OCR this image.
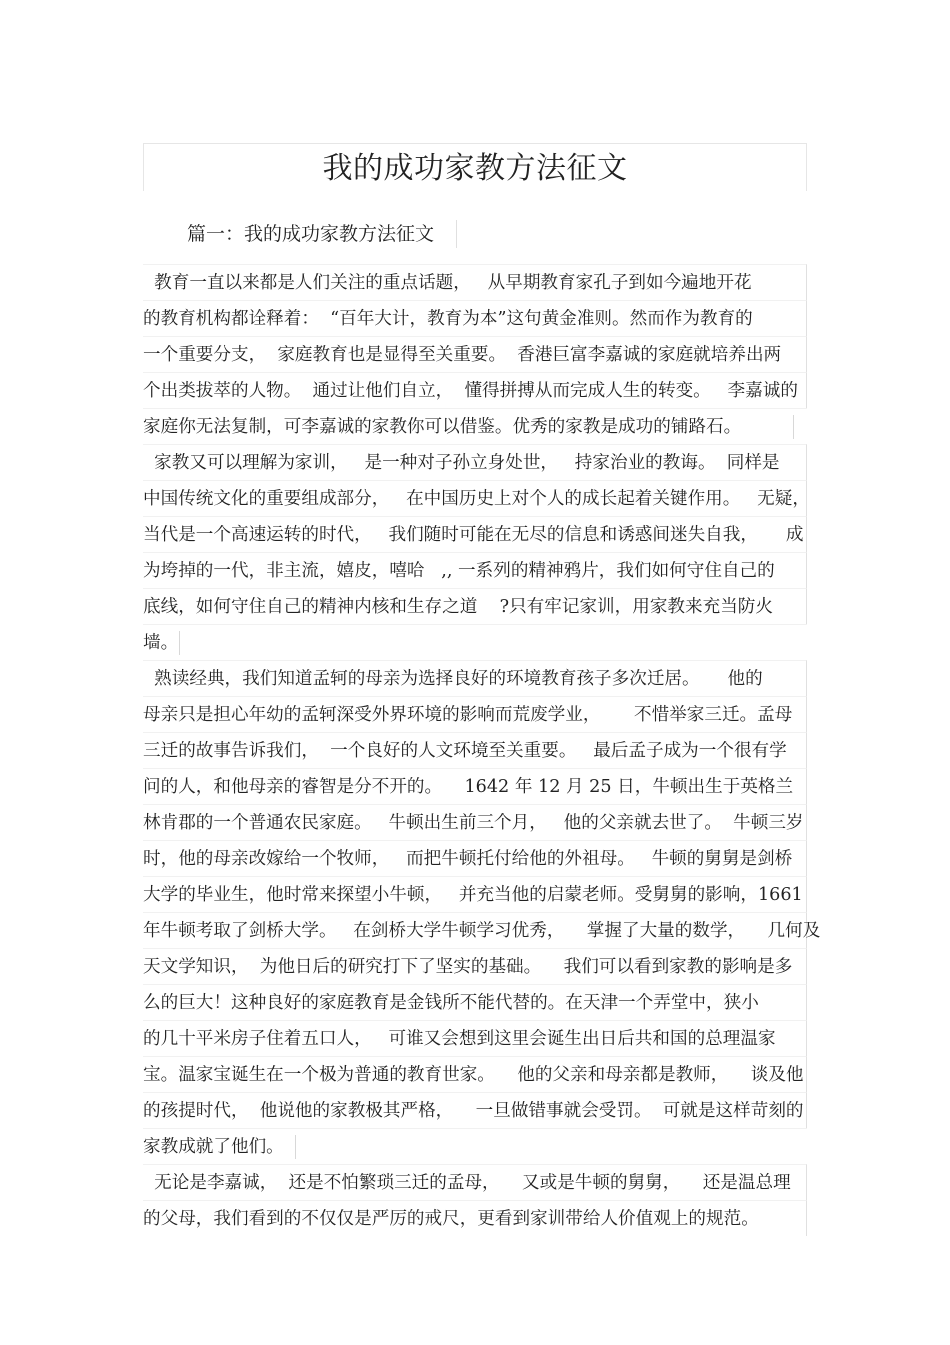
我的成功家教方法征文
篇一：我的成功家教方法征文
教育一直以来都是人们关注的重点话题，   从早期教育家孔子到如今遍地开花
的教育机构都诠释着：  “百年大计，教育为本”这句黄金准则。然而作为教育的
一个重要分支，  家庭教育也是显得至关重要。  香港巨富李嘉诚的家庭就培养出两
个出类拔萃的人物。  通过让他们自立，  懂得拼搏从而完成人生的转变。   李嘉诚的
家庭你无法复制，可李嘉诚的家教你可以借鉴。优秀的家教是成功的铺路石。
家教又可以理解为家训，   是一种对子孙立身处世，   持家治业的教诲。  同样是
中国传统文化的重要组成部分，   在中国历史上对个人的成长起着关键作用。   无疑，
当代是一个高速运转的时代，   我们随时可能在无尽的信息和诱惑间迷失自我，     成
为垮掉的一代，非主流，嬉皮，嘻哈   ,, 一系列的精神鸦片，我们如何守住自己的
底线，如何守住自己的精神内核和生存之道    ?只有牢记家训，用家教来充当防火
墙。
熟读经典，我们知道孟轲的母亲为选择良好的环境教育孩子多次迁居。     他的
母亲只是担心年幼的孟轲深受外界环境的影响而荒废学业，      不惜举家三迁。孟母
三迁的故事告诉我们，  一个良好的人文环境至关重要。   最后孟子成为一个很有学
问的人，和他母亲的睿智是分不开的。    1642 年 12 月 25 日，牛顿出生于英格兰
林肯郡的一个普通农民家庭。   牛顿出生前三个月，   他的父亲就去世了。  牛顿三岁
时，他的母亲改嫁给一个牧师，   而把牛顿托付给他的外祖母。   牛顿的舅舅是剑桥
大学的毕业生，他时常来探望小牛顿，   并充当他的启蒙老师。受舅舅的影响，1661
年牛顿考取了剑桥大学。   在剑桥大学牛顿学习优秀，    掌握了大量的数学，    几何及
天文学知识，  为他日后的研究打下了坚实的基础。    我们可以看到家教的影响是多
么的巨大！这种良好的家庭教育是金钱所不能代替的。在天津一个弄堂中，狭小
的几十平米房子住着五口人，   可谁又会想到这里会诞生出日后共和国的总理温家
宝。温家宝诞生在一个极为普通的教育世家。    他的父亲和母亲都是教师，    谈及他
的孩提时代，  他说他的家教极其严格，    一旦做错事就会受罚。  可就是这样苛刻的
家教成就了他们。
无论是李嘉诚，  还是不怕繁琐三迁的孟母，    又或是牛顿的舅舅，    还是温总理
的父母，我们看到的不仅仅是严厉的戒尺，更看到家训带给人价值观上的规范。
